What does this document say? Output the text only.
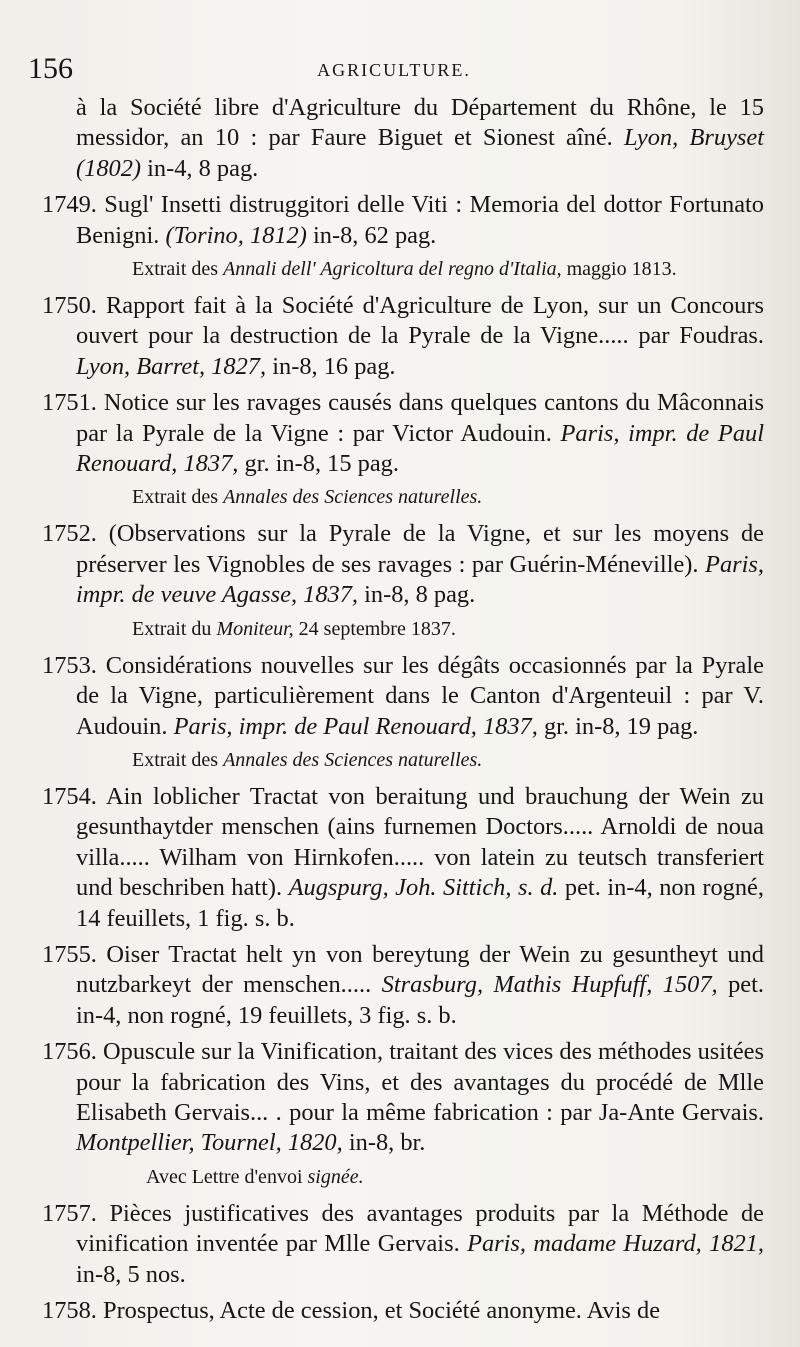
156	AGRICULTURE.
à la Société libre d'Agriculture du Département du Rhône, le 15 messidor, an 10 : par Faure Biguet et Sionest aîné. Lyon, Bruyset (1802) in-4, 8 pag.
1749. Sugl' Insetti distruggitori delle Viti : Memoria del dottor Fortunato Benigni. (Torino, 1812) in-8, 62 pag.
Extrait des Annali dell' Agricoltura del regno d'Italia, maggio 1813.
1750. Rapport fait à la Société d'Agriculture de Lyon, sur un Concours ouvert pour la destruction de la Pyrale de la Vigne..... par Foudras. Lyon, Barret, 1827, in-8, 16 pag.
1751. Notice sur les ravages causés dans quelques cantons du Mâconnais par la Pyrale de la Vigne : par Victor Audouin. Paris, impr. de Paul Renouard, 1837, gr. in-8, 15 pag.
Extrait des Annales des Sciences naturelles.
1752. (Observations sur la Pyrale de la Vigne, et sur les moyens de préserver les Vignobles de ses ravages : par Guérin-Méneville). Paris, impr. de veuve Agasse, 1837, in-8, 8 pag.
Extrait du Moniteur, 24 septembre 1837.
1753. Considérations nouvelles sur les dégâts occasionnés par la Pyrale de la Vigne, particulièrement dans le Canton d'Argenteuil : par V. Audouin. Paris, impr. de Paul Renouard, 1837, gr. in-8, 19 pag.
Extrait des Annales des Sciences naturelles.
1754. Ain loblicher Tractat von beraitung und brauchung der Wein zu gesunthaytder menschen (ains furnemen Doctors..... Arnoldi de noua villa..... Wilham von Hirnkofen..... von latein zu teutsch transferiert und beschriben hatt). Augspurg, Joh. Sittich, s. d. pet. in-4, non rogné, 14 feuillets, 1 fig. s. b.
1755. Oiser Tractat helt yn von bereytung der Wein zu gesuntheyt und nutzbarkeyt der menschen..... Strasburg, Mathis Hupfuff, 1507, pet. in-4, non rogné, 19 feuillets, 3 fig. s. b.
1756. Opuscule sur la Vinification, traitant des vices des méthodes usitées pour la fabrication des Vins, et des avantages du procédé de Mlle Elisabeth Gervais... . pour la même fabrication : par Ja-Ante Gervais. Montpellier, Tournel, 1820, in-8, br.
Avec Lettre d'envoi signée.
1757. Pièces justificatives des avantages produits par la Méthode de vinification inventée par Mlle Gervais. Paris, madame Huzard, 1821, in-8, 5 nos.
1758. Prospectus, Acte de cession, et Société anonyme. Avis de
